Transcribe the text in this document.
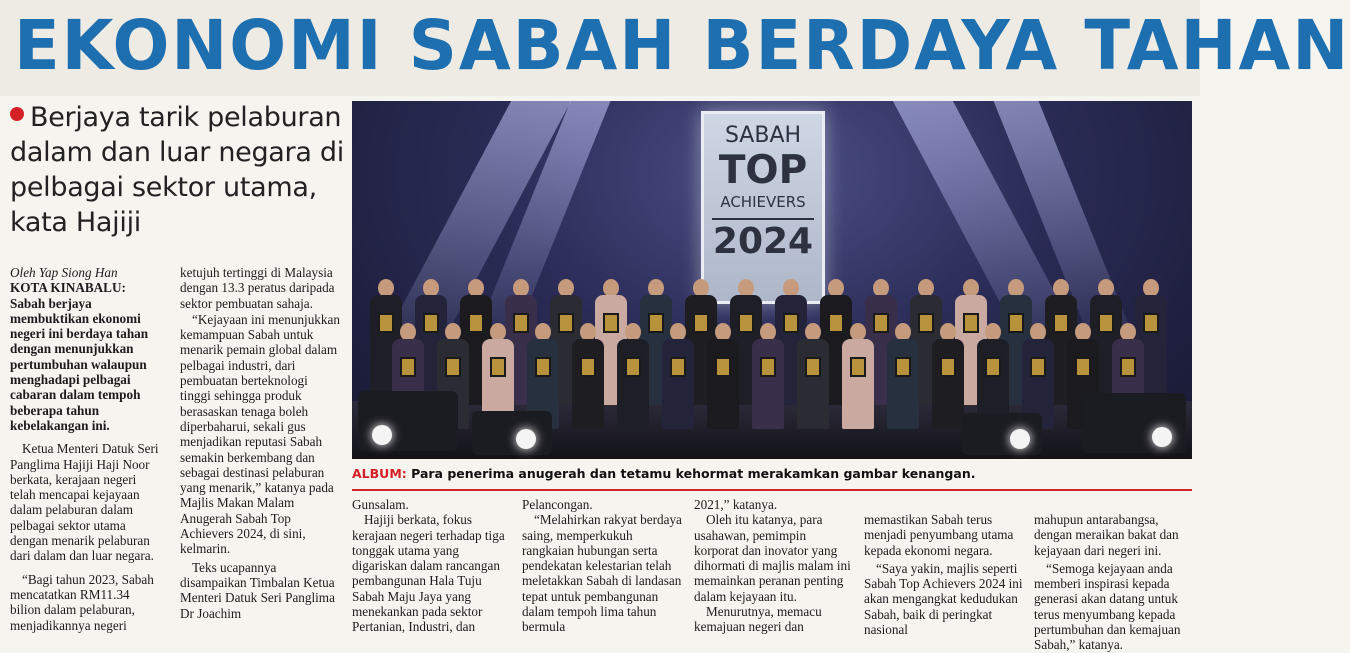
EKONOMI SABAH BERDAYA TAHAN
Berjaya tarik pelaburan dalam dan luar negara di pelbagai sektor utama, kata Hajiji

Oleh Yap Siong Han

KOTA KINABALU: Sabah berjaya membuktikan ekonomi negeri ini berdaya tahan dengan menunjukkan pertumbuhan walaupun menghadapi pelbagai cabaran dalam tempoh beberapa tahun kebelakangan ini.

Ketua Menteri Datuk Seri Panglima Hajiji Haji Noor berkata, kerajaan negeri telah mencapai kejayaan dalam pelaburan dalam pelbagai sektor utama dengan menarik pelaburan dari dalam dan luar negara.

“Bagi tahun 2023, Sabah mencatatkan RM11.34 bilion dalam pelaburan, menjadikannya negeri

ketujuh tertinggi di Malaysia dengan 13.3 peratus daripada sektor pembuatan sahaja.

“Kejayaan ini menunjukkan kemampuan Sabah untuk menarik pemain global dalam pelbagai industri, dari pembuatan berteknologi tinggi sehingga produk berasaskan tenaga boleh diperbaharui, sekali gus menjadikan reputasi Sabah semakin berkembang dan sebagai destinasi pelaburan yang menarik,” katanya pada Majlis Makan Malam Anugerah Sabah Top Achievers 2024, di sini, kelmarin.

Teks ucapannya disampaikan Timbalan Ketua Menteri Datuk Seri Panglima Dr Joachim

Gunsalam.

Hajiji berkata, fokus kerajaan negeri terhadap tiga tonggak utama yang digariskan dalam rancangan pembangunan Hala Tuju Sabah Maju Jaya yang menekankan pada sektor Pertanian, Industri, dan

Pelancongan.

“Melahirkan rakyat berdaya saing, memperkukuh rangkaian hubungan serta pendekatan kelestarian telah meletakkan Sabah di landasan tepat untuk pembangunan dalam tempoh lima tahun bermula

2021,” katanya.

Oleh itu katanya, para usahawan, pemimpin korporat dan inovator yang dihormati di majlis malam ini memainkan peranan penting dalam kejayaan itu.

Menurutnya, memacu kemajuan negeri dan

memastikan Sabah terus menjadi penyumbang utama kepada ekonomi negara.

“Saya yakin, majlis seperti Sabah Top Achievers 2024 ini akan mengangkat kedudukan Sabah, baik di peringkat nasional

mahupun antarabangsa, dengan meraikan bakat dan kejayaan dari negeri ini.

“Semoga kejayaan anda memberi inspirasi kepada generasi akan datang untuk terus menyumbang kepada pertumbuhan dan kemajuan Sabah,” katanya.

SABAH
TOP
ACHIEVERS
2024
ALBUM: Para penerima anugerah dan tetamu kehormat merakamkan gambar kenangan.
